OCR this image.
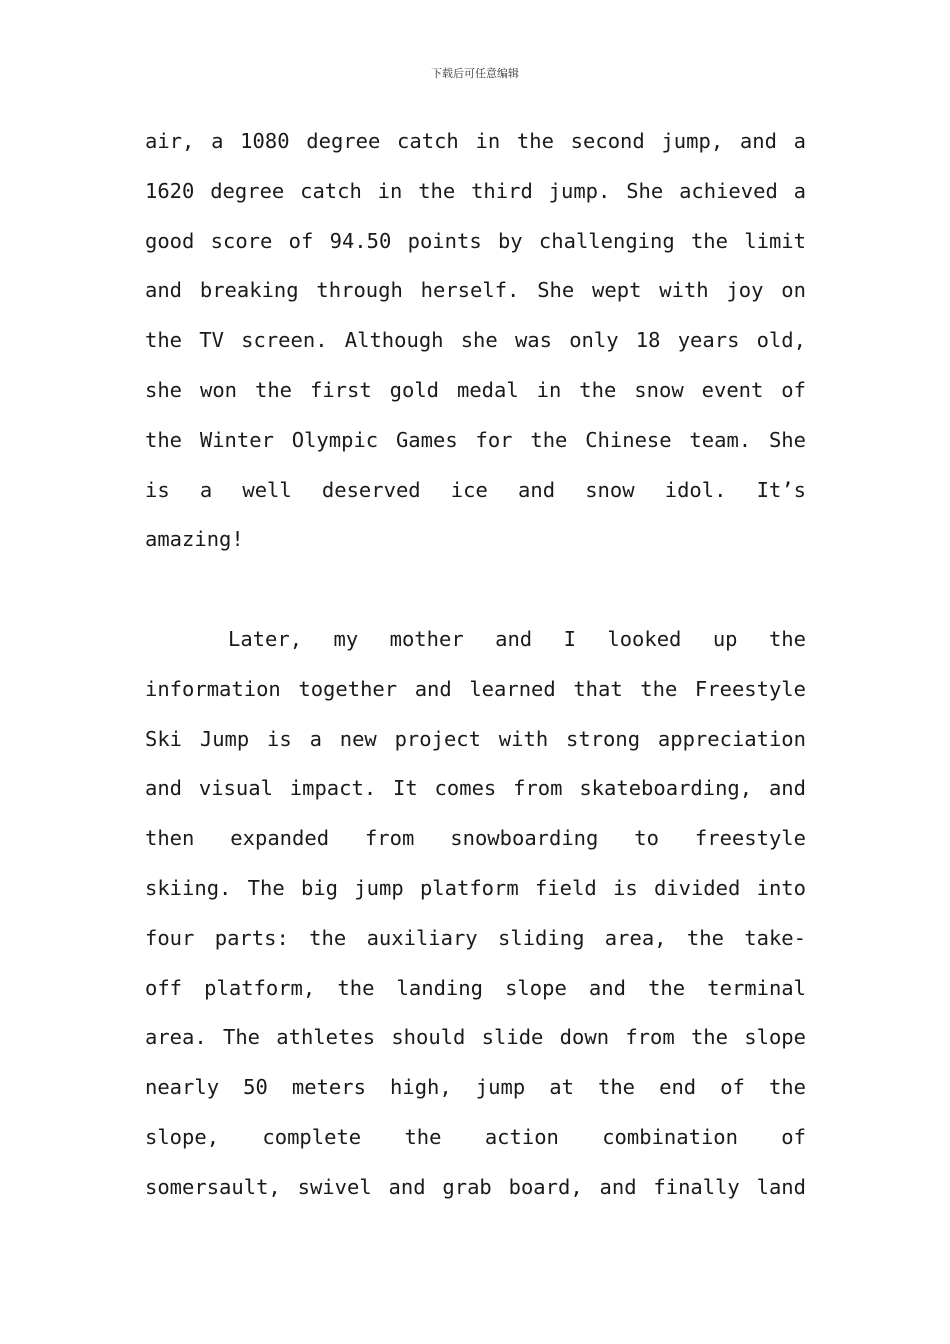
下载后可任意编辑
air, a 1080 degree catch in the second jump, and a
1620 degree catch in the third jump. She achieved a
good score of 94.50 points by challenging the limit
and breaking through herself. She wept with joy on
the TV screen. Although she was only 18 years old,
she won the first gold medal in the snow event of
the Winter Olympic Games for the Chinese team. She
is a well deserved ice and snow idol. It’s
amazing!
Later, my mother and I looked up the
information together and learned that the Freestyle
Ski Jump is a new project with strong appreciation
and visual impact. It comes from skateboarding, and
then expanded from snowboarding to freestyle
skiing. The big jump platform field is divided into
four parts: the auxiliary sliding area, the take-
off platform, the landing slope and the terminal
area. The athletes should slide down from the slope
nearly 50 meters high, jump at the end of the
slope, complete the action combination of
somersault, swivel and grab board, and finally land
